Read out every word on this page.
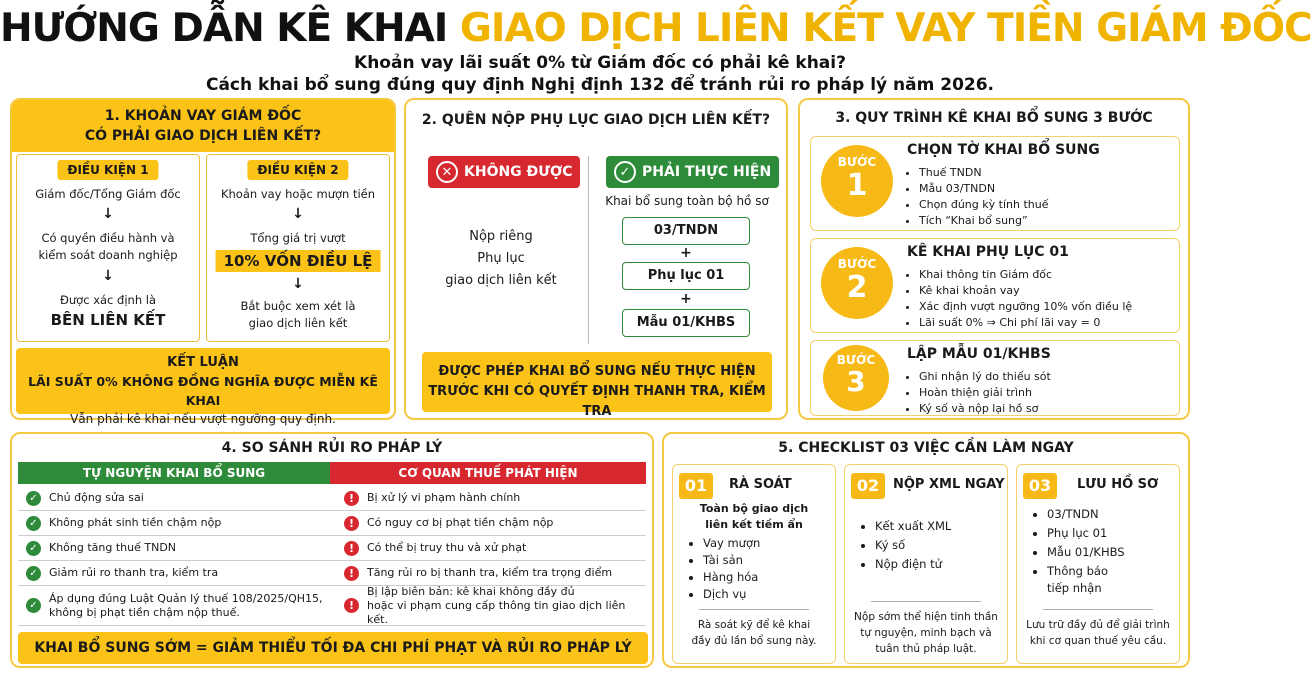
HƯỚNG DẪN KÊ KHAI GIAO DỊCH LIÊN KẾT VAY TIỀN GIÁM ĐỐC
Khoản vay lãi suất 0% từ Giám đốc có phải kê khai?
Cách khai bổ sung đúng quy định Nghị định 132 để tránh rủi ro pháp lý năm 2026.
1. KHOẢN VAY GIÁM ĐỐC
CÓ PHẢI GIAO DỊCH LIÊN KẾT?
ĐIỀU KIỆN 1
Giám đốc/Tổng Giám đốc
↓
Có quyền điều hành và
kiểm soát doanh nghiệp
↓
Được xác định là
BÊN LIÊN KẾT
ĐIỀU KIỆN 2
Khoản vay hoặc mượn tiền
↓
Tổng giá trị vượt
10% VỐN ĐIỀU LỆ
↓
Bắt buộc xem xét là
giao dịch liên kết
KẾT LUẬN
LÃI SUẤT 0% KHÔNG ĐỒNG NGHĨA ĐƯỢC MIỄN KÊ KHAI
Vẫn phải kê khai nếu vượt ngưỡng quy định.
2. QUÊN NỘP PHỤ LỤC GIAO DỊCH LIÊN KẾT?
✕ KHÔNG ĐƯỢC	✓ PHẢI THỰC HIỆN
Nộp riêng
Phụ lục
giao dịch liên kết
Khai bổ sung toàn bộ hồ sơ
03/TNDN
+
Phụ lục 01
+
Mẫu 01/KHBS
ĐƯỢC PHÉP KHAI BỔ SUNG NẾU THỰC HIỆN
TRƯỚC KHI CÓ QUYẾT ĐỊNH THANH TRA, KIỂM TRA
3. QUY TRÌNH KÊ KHAI BỔ SUNG 3 BƯỚC
BƯỚC
1
CHỌN TỜ KHAI BỔ SUNG
• Thuế TNDN
• Mẫu 03/TNDN
• Chọn đúng kỳ tính thuế
• Tích “Khai bổ sung”
BƯỚC
2
KÊ KHAI PHỤ LỤC 01
• Khai thông tin Giám đốc
• Kê khai khoản vay
• Xác định vượt ngưỡng 10% vốn điều lệ
• Lãi suất 0% ⇒ Chi phí lãi vay = 0
BƯỚC
3
LẬP MẪU 01/KHBS
• Ghi nhận lý do thiếu sót
• Hoàn thiện giải trình
• Ký số và nộp lại hồ sơ
4. SO SÁNH RỦI RO PHÁP LÝ
TỰ NGUYỆN KHAI BỔ SUNG	CƠ QUAN THUẾ PHÁT HIỆN
✓	Chủ động sửa sai	!	Bị xử lý vi phạm hành chính
✓	Không phát sinh tiền chậm nộp	!	Có nguy cơ bị phạt tiền chậm nộp
✓	Không tăng thuế TNDN	!	Có thể bị truy thu và xử phạt
✓	Giảm rủi ro thanh tra, kiểm tra	!	Tăng rủi ro bị thanh tra, kiểm tra trọng điểm
✓
Áp dụng đúng Luật Quản lý thuế 108/2025/QH15,
không bị phạt tiền chậm nộp thuế.	!
Bị lập biên bản: kê khai không đầy đủ
hoặc vi phạm cung cấp thông tin giao dịch liên kết.
KHAI BỔ SUNG SỚM = GIẢM THIỂU TỐI ĐA CHI PHÍ PHẠT VÀ RỦI RO PHÁP LÝ
5. CHECKLIST 03 VIỆC CẦN LÀM NGAY
01	RÀ SOÁT
Toàn bộ giao dịch
liên kết tiềm ẩn
• Vay mượn
• Tài sản
• Hàng hóa
• Dịch vụ
Rà soát kỹ để kê khai
đầy đủ lần bổ sung này.
02	NỘP XML NGAY
• Kết xuất XML
• Ký số
• Nộp điện tử
Nộp sớm thể hiện tinh thần
tự nguyện, minh bạch và
tuân thủ pháp luật.
03	LƯU HỒ SƠ
• 03/TNDN
• Phụ lục 01
• Mẫu 01/KHBS
• Thông báo
tiếp nhận
Lưu trữ đầy đủ để giải trình
khi cơ quan thuế yêu cầu.
